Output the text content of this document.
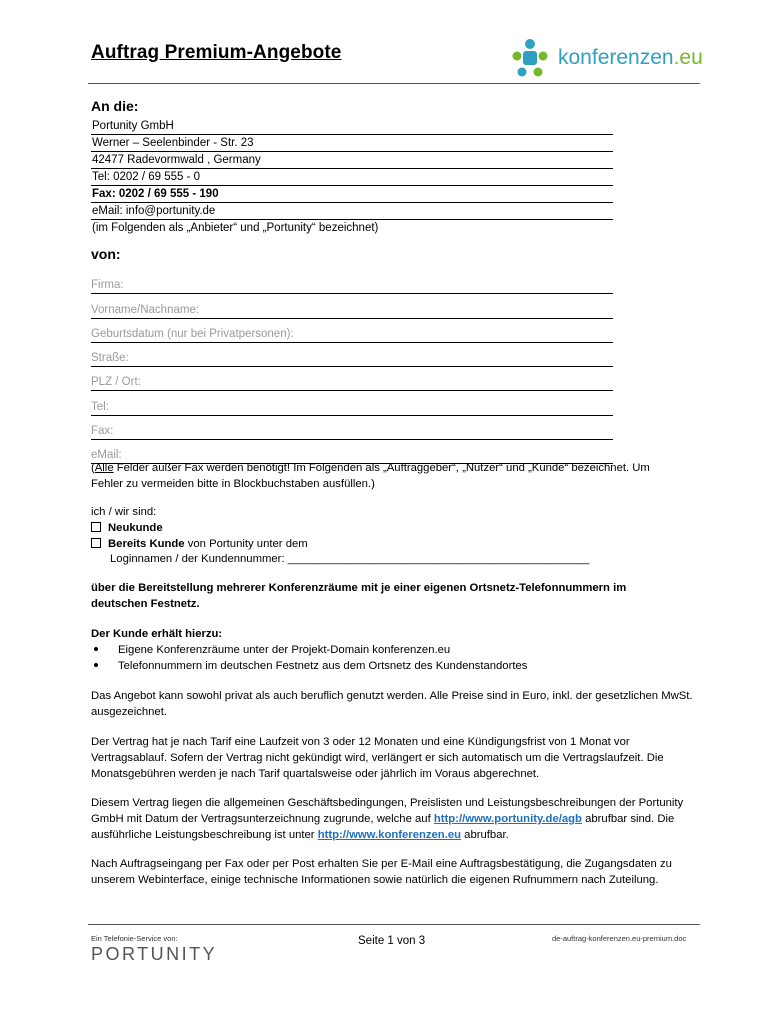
Auftrag Premium-Angebote	konferenzen.eu
An die:
Portunity GmbH
Werner – Seelenbinder - Str. 23
42477 Radevormwald , Germany
Tel: 0202 / 69 555 - 0
Fax: 0202 / 69 555 - 190
eMail: info@portunity.de
(im Folgenden als „Anbieter“ und „Portunity“ bezeichnet)
von:
Firma:
Vorname/Nachname:
Geburtsdatum (nur bei Privatpersonen):
Straße:
PLZ / Ort:
Tel:
Fax:
eMail:
(Alle Felder außer Fax werden benötigt! Im Folgenden als „Auftraggeber“, „Nutzer“ und „Kunde“ bezeichnet. Um Fehler zu vermeiden bitte in Blockbuchstaben ausfüllen.)
ich / wir sind:
Neukunde
Bereits Kunde von Portunity unter dem
Loginnamen / der Kundennummer: ________________________________________________
über die Bereitstellung mehrerer Konferenzräume mit je einer eigenen Ortsnetz-Telefonnummern im deutschen Festnetz.
Der Kunde erhält hierzu:
Eigene Konferenzräume unter der Projekt-Domain konferenzen.eu
Telefonnummern im deutschen Festnetz aus dem Ortsnetz des Kundenstandortes
Das Angebot kann sowohl privat als auch beruflich genutzt werden. Alle Preise sind in Euro, inkl. der gesetzlichen MwSt. ausgezeichnet.
Der Vertrag hat je nach Tarif eine Laufzeit von 3 oder 12 Monaten und eine Kündigungsfrist von 1 Monat vor Vertragsablauf. Sofern der Vertrag nicht gekündigt wird, verlängert er sich automatisch um die Vertragslaufzeit. Die Monatsgebühren werden je nach Tarif quartalsweise oder jährlich im Voraus abgerechnet.
Diesem Vertrag liegen die allgemeinen Geschäftsbedingungen, Preislisten und Leistungsbeschreibungen der Portunity GmbH mit Datum der Vertragsunterzeichnung zugrunde, welche auf http://www.portunity.de/agb abrufbar sind. Die ausführliche Leistungsbeschreibung ist unter http://www.konferenzen.eu abrufbar.
Nach Auftragseingang per Fax oder per Post erhalten Sie per E-Mail eine Auftragsbestätigung, die Zugangsdaten zu unserem Webinterface, einige technische Informationen sowie natürlich die eigenen Rufnummern nach Zuteilung.
Ein Telefonie-Service von:
PORTUNITY
Seite 1 von 3	de-auftrag-konferenzen.eu-premium.doc
